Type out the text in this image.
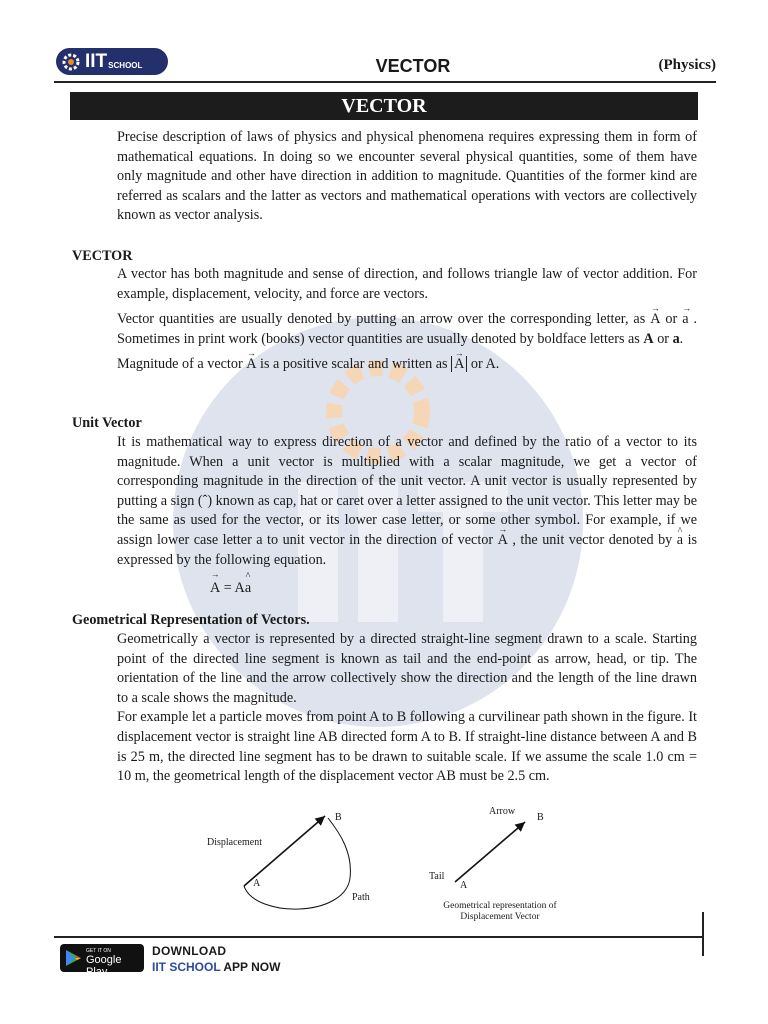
IIT SCHOOL	VECTOR	(Physics)
VECTOR

Precise description of laws of physics and physical phenomena requires expressing them in form of mathematical equations. In doing so we encounter several physical quantities, some of them have only magnitude and other have direction in addition to magnitude. Quantities of the former kind are referred as scalars and the latter as vectors and mathematical operations with vectors are collectively known as vector analysis.

VECTOR

A vector has both magnitude and sense of direction, and follows triangle law of vector addition. For example, displacement, velocity, and force are vectors.

Vector quantities are usually denoted by putting an arrow over the corresponding letter, as → A or → a . Sometimes in print work (books) vector quantities are usually denoted by boldface letters as A or a.

Magnitude of a vector → A is a positive scalar and written as → A or A.

Unit Vector

It is mathematical way to express direction of a vector and defined by the ratio of a vector to its magnitude. When a unit vector is multiplied with a scalar magnitude, we get a vector of corresponding magnitude in the direction of the unit vector. A unit vector is usually represented by putting a sign (ˆ) known as cap, hat or caret over a letter assigned to the unit vector. This letter may be the same as used for the vector, or its lower case letter, or some other symbol. For example, if we assign lower case letter a to unit vector in the direction of vector → A , the unit vector denoted by ^ a is expressed by the following equation.

→ A = A^ a
Geometrical Representation of Vectors.

Geometrically a vector is represented by a directed straight-line segment drawn to a scale. Starting point of the directed line segment is known as tail and the end-point as arrow, head, or tip. The orientation of the line and the arrow collectively show the direction and the length of the line drawn to a scale shows the magnitude.

For example let a particle moves from point A to B following a curvilinear path shown in the figure. It displacement vector is straight line AB directed form A to B. If straight-line distance between A and B is 25 m, the directed line segment has to be drawn to suitable scale. If we assume the scale 1.0 cm = 10 m, the geometrical length of the displacement vector AB must be 2.5 cm.

Displacement
B
A
Path
Arrow
B
Tail
A
Geometrical representation of
Displacement Vector
GET IT ON
Google Play
DOWNLOAD
IIT SCHOOL APP NOW
